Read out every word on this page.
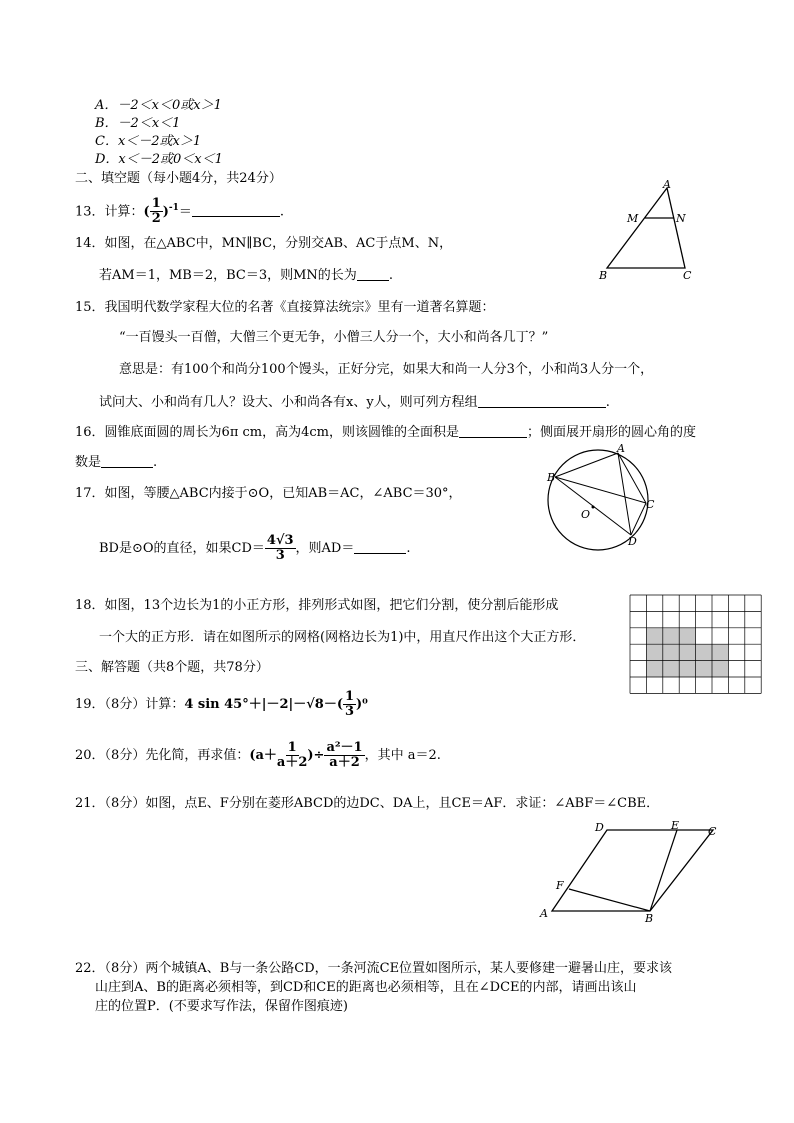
A．－2＜x＜0或x＞1
B．－2＜x＜1
C．x＜－2或x＞1
D．x＜－2或0＜x＜1
二、填空题（每小题4分，共24分）
13．计算：( $\frac{1}{2} )^{-1}=$	.
A
M	N
B	C
14．如图，在△ABC中，MN∥BC，分别交AB、AC于点M、N，
若AM＝1，MB＝2，BC＝3，则MN的长为 .
15．我国明代数学家程大位的名著《直接算法统宗》里有一道著名算题：
“一百馒头一百僧，大僧三个更无争，小僧三人分一个，大小和尚各几丁？”
意思是：有100个和尚分100个馒头，正好分完，如果大和尚一人分3个，小和尚3人分一个，
试问大、小和尚有几人？设大、小和尚各有x、y人，则可列方程组	.
16．圆锥底面圆的周长为6π cm，高为4cm，则该圆锥的全面积是	；侧面展开扇形的圆心角的度
数是	.
A
B
C
O
D
17．如图，等腰△ABC内接于⊙O，已知AB＝AC，∠ABC＝30°，
BD是⊙O的直径，如果$CD= \frac{4√3}{3}$ ，则AD＝	.
18．如图，13个边长为1的小正方形，排列形式如图，把它们分割，使分割后能形成
一个大的正方形．请在如图所示的网格(网格边长为1)中，用直尺作出这个大正方形．
三、解答题（共8个题，共78分）
19．（8分）计算：4 $\sin 45^\circ+|-2|-√8-( \frac{1}{3} )^0$
20．（8分）先化简，再求值：($a+ \frac{1}{a+2}$ )÷ $\frac{\text{a²－1}}{a+2}$ ，其中 a＝2.
21．（8分）如图，点E、F分别在菱形ABCD的边DC、DA上，且CE＝AF．求证：∠ABF＝∠CBE．
D	E	C
F
A	B
22．（8分）两个城镇A、B与一条公路CD，一条河流CE位置如图所示，某人要修建一避暑山庄，要求该
山庄到A、B的距离必须相等，到CD和CE的距离也必须相等，且在∠DCE的内部，请画出该山
庄的位置P．(不要求写作法，保留作图痕迹)
